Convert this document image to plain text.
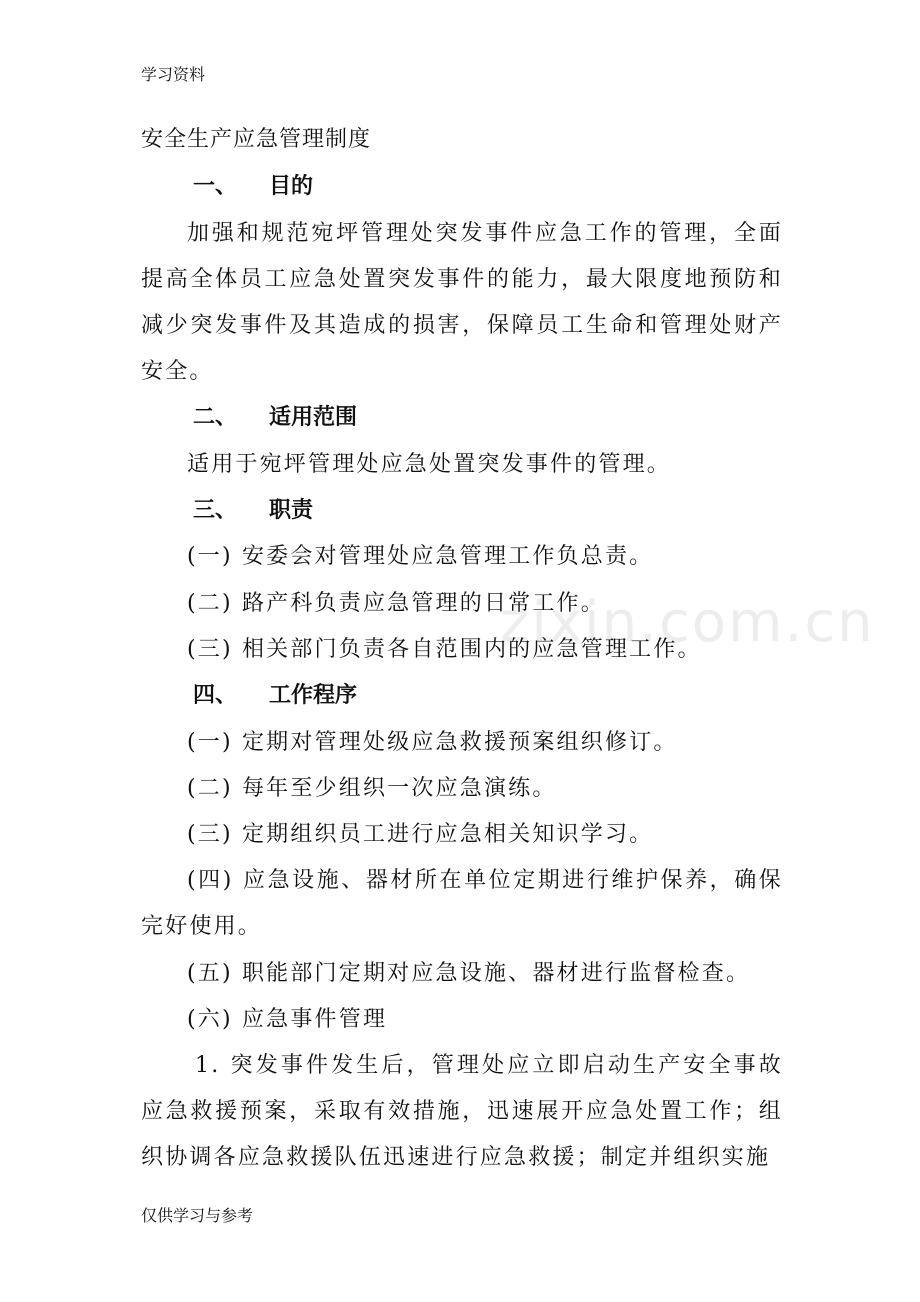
zixin.com.cn
学习资料
安全生产应急管理制度
一、 目的
加强和规范宛坪管理处突发事件应急工作的管理，全面提高全体员工应急处置突发事件的能力，最大限度地预防和减少突发事件及其造成的损害，保障员工生命和管理处财产安全。
二、 适用范围
适用于宛坪管理处应急处置突发事件的管理。
三、 职责
(一) 安委会对管理处应急管理工作负总责。
(二) 路产科负责应急管理的日常工作。
(三) 相关部门负责各自范围内的应急管理工作。
四、 工作程序
(一) 定期对管理处级应急救援预案组织修订。
(二) 每年至少组织一次应急演练。
(三) 定期组织员工进行应急相关知识学习。
(四) 应急设施、器材所在单位定期进行维护保养，确保完好使用。
(五) 职能部门定期对应急设施、器材进行监督检查。
(六) 应急事件管理
1. 突发事件发生后，管理处应立即启动生产安全事故应急救援预案，采取有效措施，迅速展开应急处置工作；组织协调各应急救援队伍迅速进行应急救援；制定并组织实施
仅供学习与参考
